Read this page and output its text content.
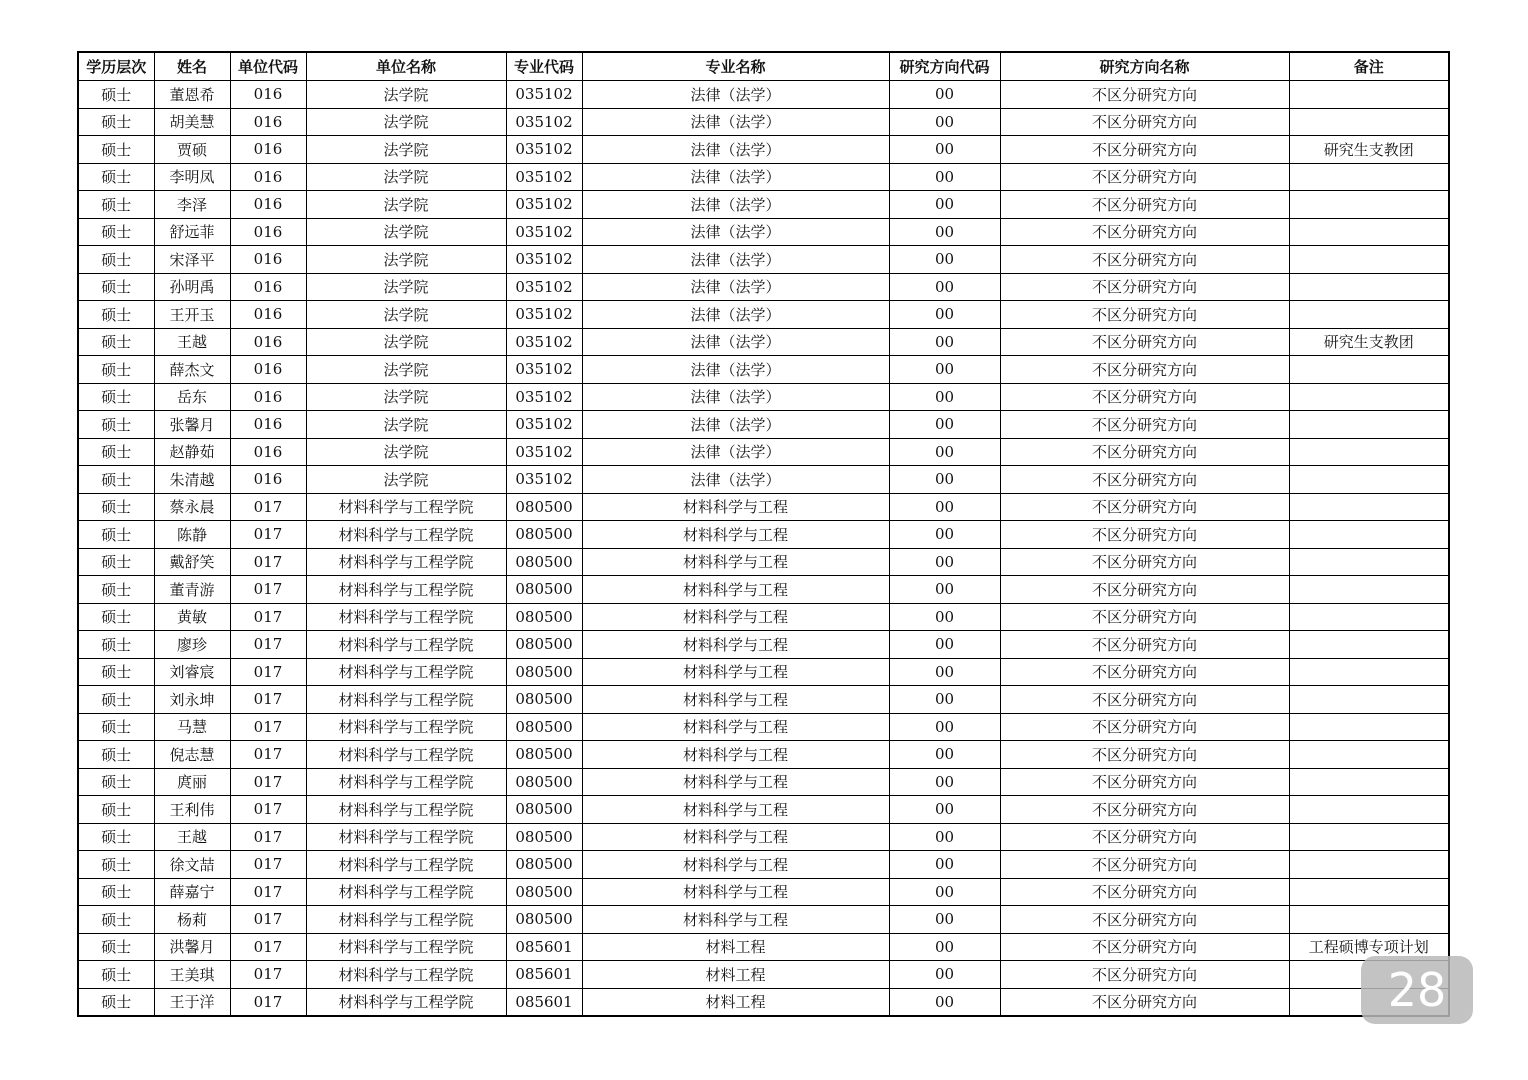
学历层次	姓名	单位代码	单位名称	专业代码	专业名称	研究方向代码	研究方向名称	备注
硕士	董恩希	016	法学院	035102	法律（法学）	00	不区分研究方向	
硕士	胡美慧	016	法学院	035102	法律（法学）	00	不区分研究方向	
硕士	贾硕	016	法学院	035102	法律（法学）	00	不区分研究方向	研究生支教团
硕士	李明凤	016	法学院	035102	法律（法学）	00	不区分研究方向	
硕士	李泽	016	法学院	035102	法律（法学）	00	不区分研究方向	
硕士	舒远菲	016	法学院	035102	法律（法学）	00	不区分研究方向	
硕士	宋泽平	016	法学院	035102	法律（法学）	00	不区分研究方向	
硕士	孙明禹	016	法学院	035102	法律（法学）	00	不区分研究方向	
硕士	王开玉	016	法学院	035102	法律（法学）	00	不区分研究方向	
硕士	王越	016	法学院	035102	法律（法学）	00	不区分研究方向	研究生支教团
硕士	薛杰文	016	法学院	035102	法律（法学）	00	不区分研究方向	
硕士	岳东	016	法学院	035102	法律（法学）	00	不区分研究方向	
硕士	张馨月	016	法学院	035102	法律（法学）	00	不区分研究方向	
硕士	赵静茹	016	法学院	035102	法律（法学）	00	不区分研究方向	
硕士	朱清越	016	法学院	035102	法律（法学）	00	不区分研究方向	
硕士	蔡永晨	017	材料科学与工程学院	080500	材料科学与工程	00	不区分研究方向	
硕士	陈静	017	材料科学与工程学院	080500	材料科学与工程	00	不区分研究方向	
硕士	戴舒笑	017	材料科学与工程学院	080500	材料科学与工程	00	不区分研究方向	
硕士	董青游	017	材料科学与工程学院	080500	材料科学与工程	00	不区分研究方向	
硕士	黄敏	017	材料科学与工程学院	080500	材料科学与工程	00	不区分研究方向	
硕士	廖珍	017	材料科学与工程学院	080500	材料科学与工程	00	不区分研究方向	
硕士	刘睿宸	017	材料科学与工程学院	080500	材料科学与工程	00	不区分研究方向	
硕士	刘永坤	017	材料科学与工程学院	080500	材料科学与工程	00	不区分研究方向	
硕士	马慧	017	材料科学与工程学院	080500	材料科学与工程	00	不区分研究方向	
硕士	倪志慧	017	材料科学与工程学院	080500	材料科学与工程	00	不区分研究方向	
硕士	庹丽	017	材料科学与工程学院	080500	材料科学与工程	00	不区分研究方向	
硕士	王利伟	017	材料科学与工程学院	080500	材料科学与工程	00	不区分研究方向	
硕士	王越	017	材料科学与工程学院	080500	材料科学与工程	00	不区分研究方向	
硕士	徐文喆	017	材料科学与工程学院	080500	材料科学与工程	00	不区分研究方向	
硕士	薛嘉宁	017	材料科学与工程学院	080500	材料科学与工程	00	不区分研究方向	
硕士	杨莉	017	材料科学与工程学院	080500	材料科学与工程	00	不区分研究方向	
硕士	洪馨月	017	材料科学与工程学院	085601	材料工程	00	不区分研究方向	工程硕博专项计划
硕士	王美琪	017	材料科学与工程学院	085601	材料工程	00	不区分研究方向	
硕士	王于洋	017	材料科学与工程学院	085601	材料工程	00	不区分研究方向		28
